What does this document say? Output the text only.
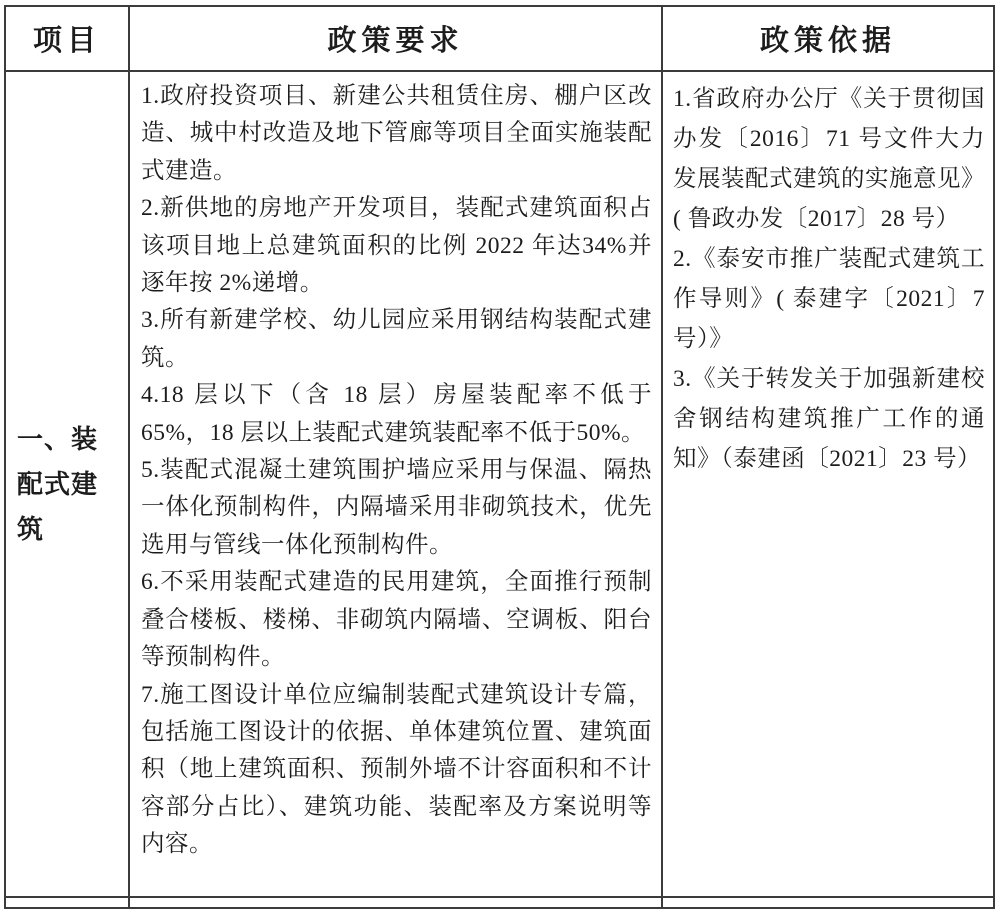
项目	政策要求	政策依据
一、装配式建筑

1.政府投资项目、新建公共租赁住房、棚户区改造、城中村改造及地下管廊等项目全面实施装配式建造。

2.新供地的房地产开发项目，装配式建筑面积占该项目地上总建筑面积的比例 2022 年达34%并逐年按 2%递增。

3.所有新建学校、幼儿园应采用钢结构装配式建筑。

4.18 层以下（含 18 层）房屋装配率不低于65%，18 层以上装配式建筑装配率不低于50%。

5.装配式混凝土建筑围护墙应采用与保温、隔热一体化预制构件，内隔墙采用非砌筑技术，优先选用与管线一体化预制构件。

6.不采用装配式建造的民用建筑，全面推行预制叠合楼板、楼梯、非砌筑内隔墙、空调板、阳台等预制构件。

7.施工图设计单位应编制装配式建筑设计专篇，包括施工图设计的依据、单体建筑位置、建筑面积（地上建筑面积、预制外墙不计容面积和不计容部分占比）、建筑功能、装配率及方案说明等内容。

1.省政府办公厅《关于贯彻国办发〔2016〕71 号文件大力发展装配式建筑的实施意见》( 鲁政办发〔2017〕28 号）

2.《泰安市推广装配式建筑工作导则》( 泰建字〔2021〕7 号）》

3.《关于转发关于加强新建校舍钢结构建筑推广工作的通知》（泰建函〔2021〕23 号）
